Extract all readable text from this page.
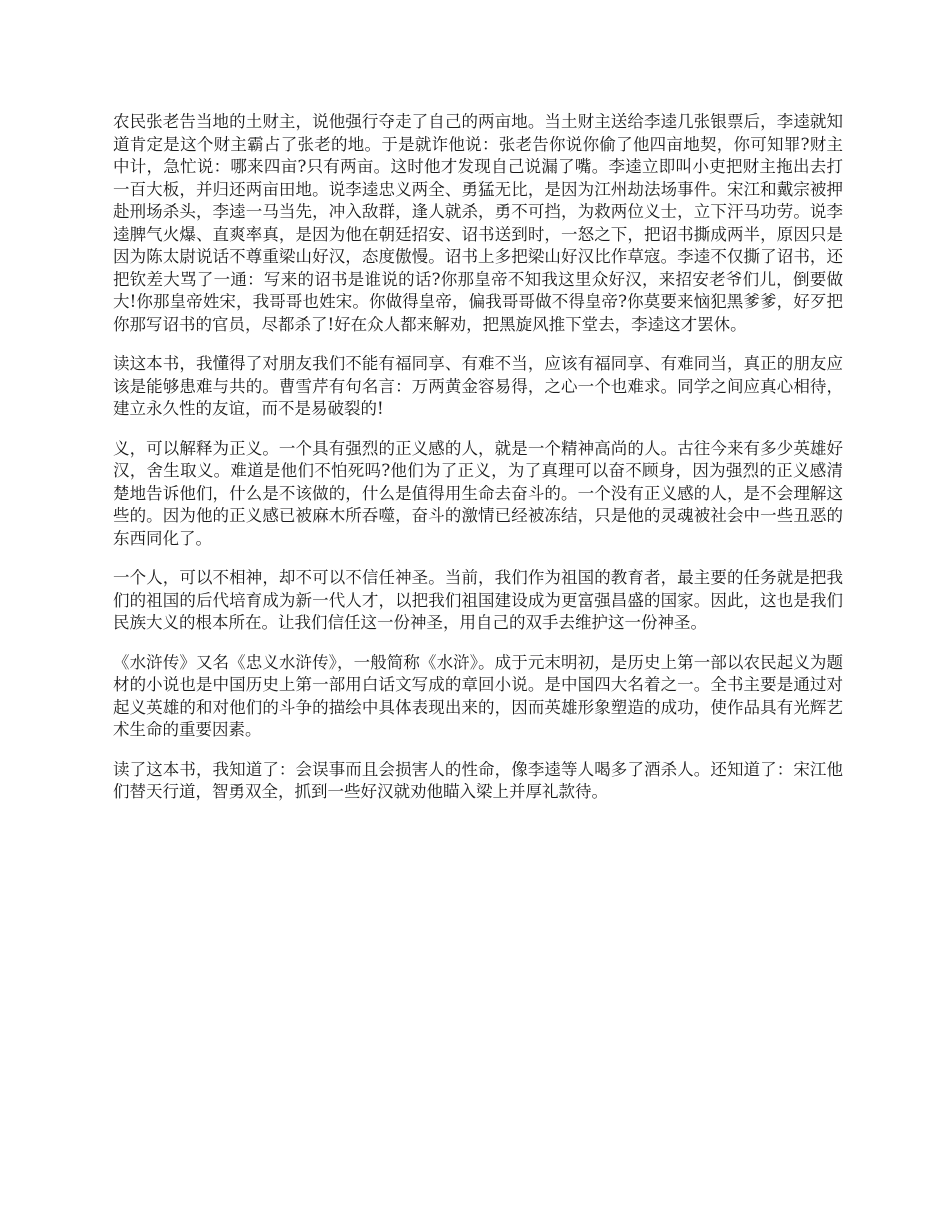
农民张老告当地的土财主，说他强行夺走了自己的两亩地。当土财主送给李逵几张银票后，李逵就知道肯定是这个财主霸占了张老的地。于是就诈他说：张老告你说你偷了他四亩地契，你可知罪?财主中计，急忙说：哪来四亩?只有两亩。这时他才发现自己说漏了嘴。李逵立即叫小吏把财主拖出去打一百大板，并归还两亩田地。说李逵忠义两全、勇猛无比，是因为江州劫法场事件。宋江和戴宗被押赴刑场杀头，李逵一马当先，冲入敌群，逢人就杀，勇不可挡，为救两位义士，立下汗马功劳。说李逵脾气火爆、直爽率真，是因为他在朝廷招安、诏书送到时，一怒之下，把诏书撕成两半，原因只是因为陈太尉说话不尊重梁山好汉，态度傲慢。诏书上多把梁山好汉比作草寇。李逵不仅撕了诏书，还把钦差大骂了一通：写来的诏书是谁说的话?你那皇帝不知我这里众好汉，来招安老爷们儿，倒要做大!你那皇帝姓宋，我哥哥也姓宋。你做得皇帝，偏我哥哥做不得皇帝?你莫要来恼犯黑爹爹，好歹把你那写诏书的官员，尽都杀了!好在众人都来解劝，把黑旋风推下堂去，李逵这才罢休。

读这本书，我懂得了对朋友我们不能有福同享、有难不当，应该有福同享、有难同当，真正的朋友应该是能够患难与共的。曹雪芹有句名言：万两黄金容易得，之心一个也难求。同学之间应真心相待，建立永久性的友谊，而不是易破裂的!

义，可以解释为正义。一个具有强烈的正义感的人，就是一个精神高尚的人。古往今来有多少英雄好汉，舍生取义。难道是他们不怕死吗?他们为了正义，为了真理可以奋不顾身，因为强烈的正义感清楚地告诉他们，什么是不该做的，什么是值得用生命去奋斗的。一个没有正义感的人，是不会理解这些的。因为他的正义感已被麻木所吞噬，奋斗的激情已经被冻结，只是他的灵魂被社会中一些丑恶的东西同化了。

一个人，可以不相神，却不可以不信任神圣。当前，我们作为祖国的教育者，最主要的任务就是把我们的祖国的后代培育成为新一代人才，以把我们祖国建设成为更富强昌盛的国家。因此，这也是我们民族大义的根本所在。让我们信任这一份神圣，用自己的双手去维护这一份神圣。

《水浒传》又名《忠义水浒传》，一般简称《水浒》。成于元末明初，是历史上第一部以农民起义为题材的小说也是中国历史上第一部用白话文写成的章回小说。是中国四大名着之一。全书主要是通过对起义英雄的和对他们的斗争的描绘中具体表现出来的，因而英雄形象塑造的成功，使作品具有光辉艺术生命的重要因素。

读了这本书，我知道了：会误事而且会损害人的性命，像李逵等人喝多了酒杀人。还知道了：宋江他们替天行道，智勇双全，抓到一些好汉就劝他瞄入梁上并厚礼款待。
